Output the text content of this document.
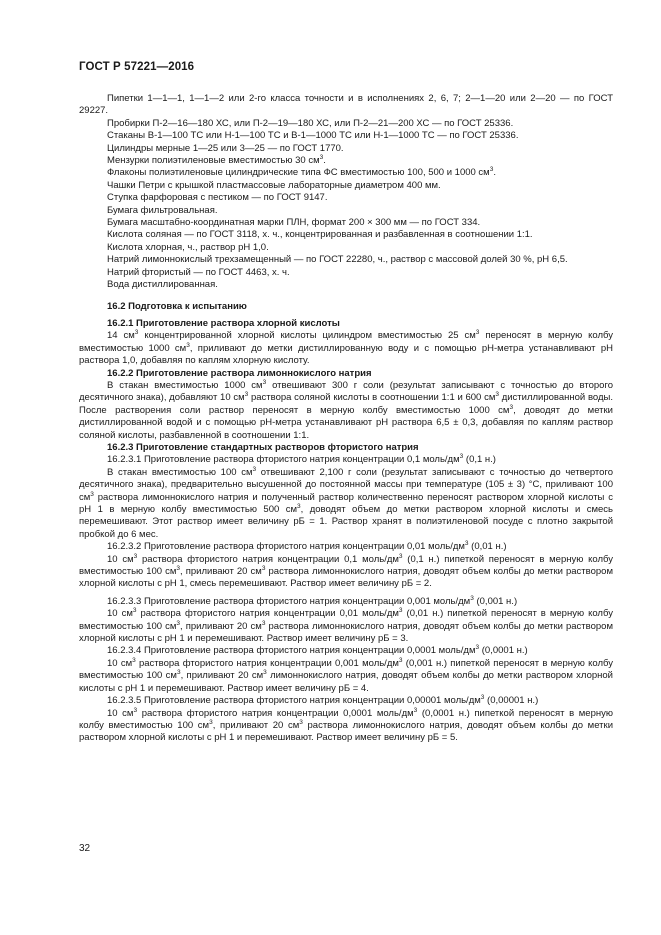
ГОСТ Р 57221—2016

Пипетки 1—1—1, 1—1—2 или 2-го класса точности и в исполнениях 2, 6, 7; 2—1—20 или 2—20 — по ГОСТ 29227.

Пробирки П-2—16—180 ХС, или П-2—19—180 ХС, или П-2—21—200 ХС — по ГОСТ 25336.

Стаканы В-1—100 ТС или Н-1—100 ТС и В-1—1000 ТС или Н-1—1000 ТС — по ГОСТ 25336.

Цилиндры мерные 1—25 или 3—25 — по ГОСТ 1770.

Мензурки полиэтиленовые вместимостью 30 $см^3$.

Флаконы полиэтиленовые цилиндрические типа ФС вместимостью 100, 500 и 1000 $см^3$.

Чашки Петри с крышкой пластмассовые лабораторные диаметром 400 мм.

Ступка фарфоровая с пестиком — по ГОСТ 9147.

Бумага фильтровальная.

Бумага масштабно-координатная марки ПЛН, формат 200 × 300 мм — по ГОСТ 334.

Кислота соляная — по ГОСТ 3118, х. ч., концентрированная и разбавленная в соотношении 1:1.

Кислота хлорная, ч., раствор pH 1,0.

Натрий лимоннокислый трехзамещенный — по ГОСТ 22280, ч., раствор с массовой долей 30 %, pH 6,5.

Натрий фтористый — по ГОСТ 4463, х. ч.

Вода дистиллированная.

16.2 Подготовка к испытанию

16.2.1 Приготовление раствора хлорной кислоты

14 $см^3$ концентрированной хлорной кислоты цилиндром вместимостью 25 $см^3$ переносят в мерную колбу вместимостью 1000 $см^3$, приливают до метки дистиллированную воду и с помощью pH-метра устанавливают pH раствора 1,0, добавляя по каплям хлорную кислоту.

16.2.2 Приготовление раствора лимоннокислого натрия

В стакан вместимостью 1000 $см^3$ отвешивают 300 г соли (результат записывают с точностью до второго десятичного знака), добавляют 10 $см^3$ раствора соляной кислоты в соотношении 1:1 и 600 $см^3$ дистиллированной воды. После растворения соли раствор переносят в мерную колбу вместимостью 1000 $см^3$, доводят до метки дистиллированной водой и с помощью pH-метра устанавливают pH раствора 6,5 ± 0,3, добавляя по каплям раствор соляной кислоты, разбавленной в соотношении 1:1.

16.2.3 Приготовление стандартных растворов фтористого натрия

16.2.3.1 Приготовление раствора фтористого натрия концентрации 0,1 моль/$дм^3$ (0,1 н.)

В стакан вместимостью 100 $см^3$ отвешивают 2,100 г соли (результат записывают с точностью до четвертого десятичного знака), предварительно высушенной до постоянной массы при температуре (105 ± 3) °С, приливают 100 $см^3$ раствора лимоннокислого натрия и полученный раствор количественно переносят раствором хлорной кислоты с pH 1 в мерную колбу вместимостью 500 $см^3$, доводят объем до метки раствором хлорной кислоты и смесь перемешивают. Этот раствор имеет величину pБ = 1. Раствор хранят в полиэтиленовой посуде с плотно закрытой пробкой до 6 мес.

16.2.3.2 Приготовление раствора фтористого натрия концентрации 0,01 моль/$дм^3$ (0,01 н.)

10 $см^3$ раствора фтористого натрия концентрации 0,1 моль/$дм^3$ (0,1 н.) пипеткой переносят в мерную колбу вместимостью 100 $см^3$, приливают 20 $см^3$ раствора лимоннокислого натрия, доводят объем колбы до метки раствором хлорной кислоты с pH 1, смесь перемешивают. Раствор имеет величину pБ = 2.

16.2.3.3 Приготовление раствора фтористого натрия концентрации 0,001 моль/$дм^3$ (0,001 н.)

10 $см^3$ раствора фтористого натрия концентрации 0,01 моль/$дм^3$ (0,01 н.) пипеткой переносят в мерную колбу вместимостью 100 $см^3$, приливают 20 $см^3$ раствора лимоннокислого натрия, доводят объем колбы до метки раствором хлорной кислоты с pH 1 и перемешивают. Раствор имеет величину pБ = 3.

16.2.3.4 Приготовление раствора фтористого натрия концентрации 0,0001 моль/$дм^3$ (0,0001 н.)

10 $см^3$ раствора фтористого натрия концентрации 0,001 моль/$дм^3$ (0,001 н.) пипеткой переносят в мерную колбу вместимостью 100 $см^3$, приливают 20 $см^3$ лимоннокислого натрия, доводят объем колбы до метки раствором хлорной кислоты с pH 1 и перемешивают. Раствор имеет величину pБ = 4.

16.2.3.5 Приготовление раствора фтористого натрия концентрации 0,00001 моль/$дм^3$ (0,00001 н.)

10 $см^3$ раствора фтористого натрия концентрации 0,0001 моль/$дм^3$ (0,0001 н.) пипеткой переносят в мерную колбу вместимостью 100 $см^3$, приливают 20 $см^3$ раствора лимоннокислого натрия, доводят объем колбы до метки раствором хлорной кислоты с pH 1 и перемешивают. Раствор имеет величину pБ = 5.

32
